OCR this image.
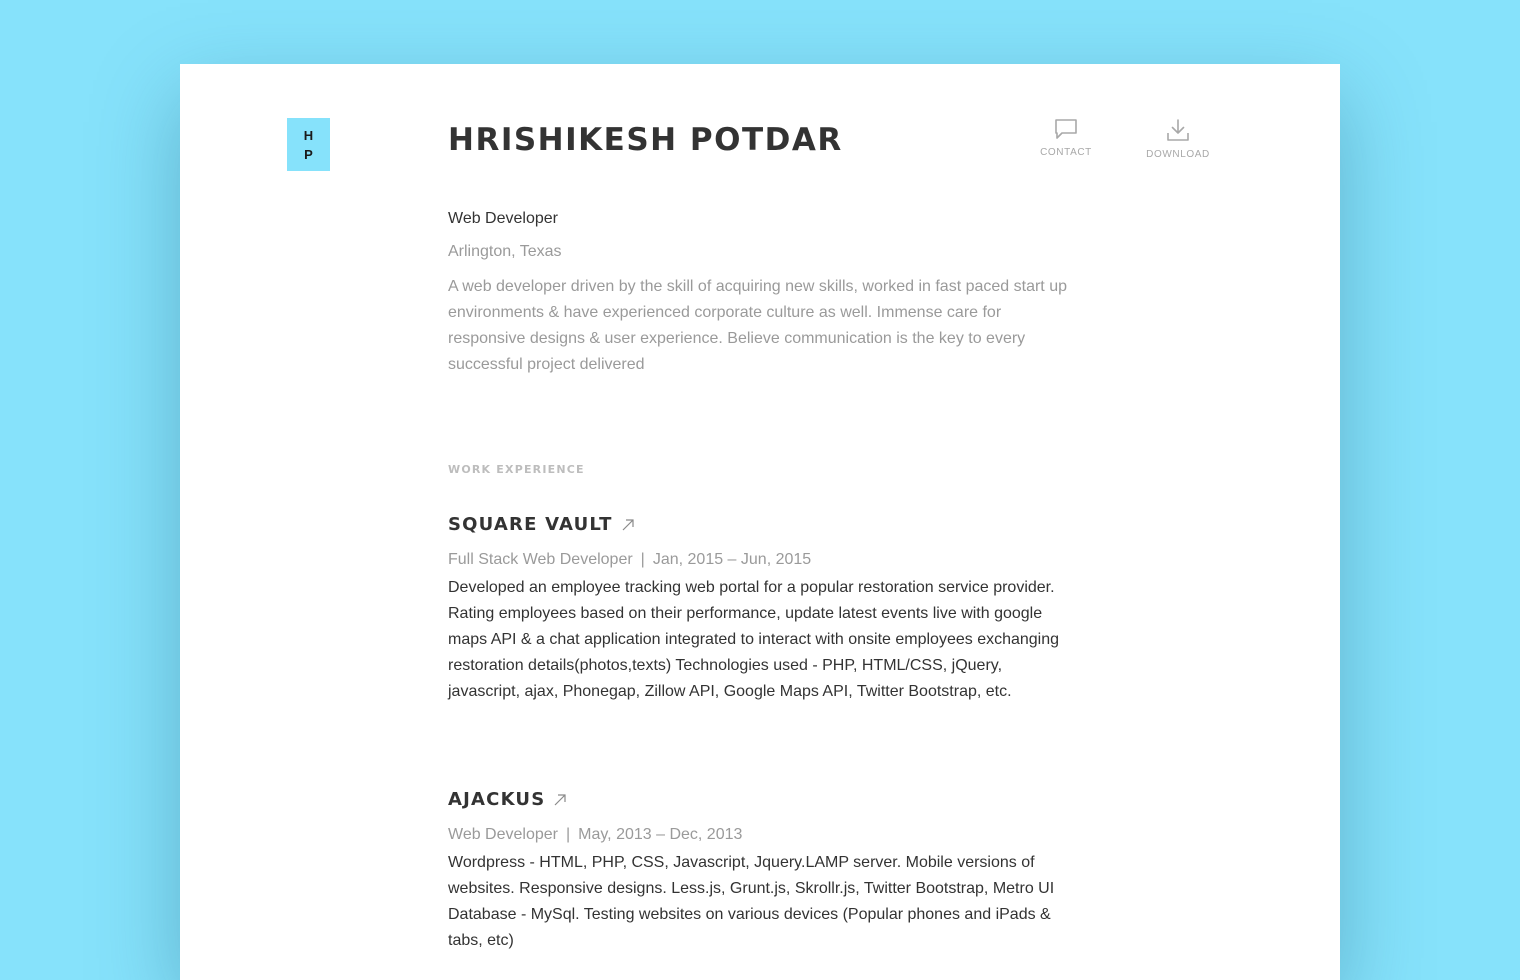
H
P	HRISHIKESH POTDAR	CONTACT	DOWNLOAD
Web Developer
Arlington, Texas
A web developer driven by the skill of acquiring new skills, worked in fast paced start up environments & have experienced corporate culture as well. Immense care for responsive designs & user experience. Believe communication is the key to every successful project delivered
WORK EXPERIENCE
SQUARE VAULT
Full Stack Web Developer | Jan, 2015 – Jun, 2015
Developed an employee tracking web portal for a popular restoration service provider. Rating employees based on their performance, update latest events live with google maps API & a chat application integrated to interact with onsite employees exchanging restoration details(photos,texts) Technologies used - PHP, HTML/CSS, jQuery, javascript, ajax, Phonegap, Zillow API, Google Maps API, Twitter Bootstrap, etc.
AJACKUS
Web Developer | May, 2013 – Dec, 2013
Wordpress - HTML, PHP, CSS, Javascript, Jquery.LAMP server. Mobile versions of websites. Responsive designs. Less.js, Grunt.js, Skrollr.js, Twitter Bootstrap, Metro UI Database - MySql. Testing websites on various devices (Popular phones and iPads & tabs, etc)
